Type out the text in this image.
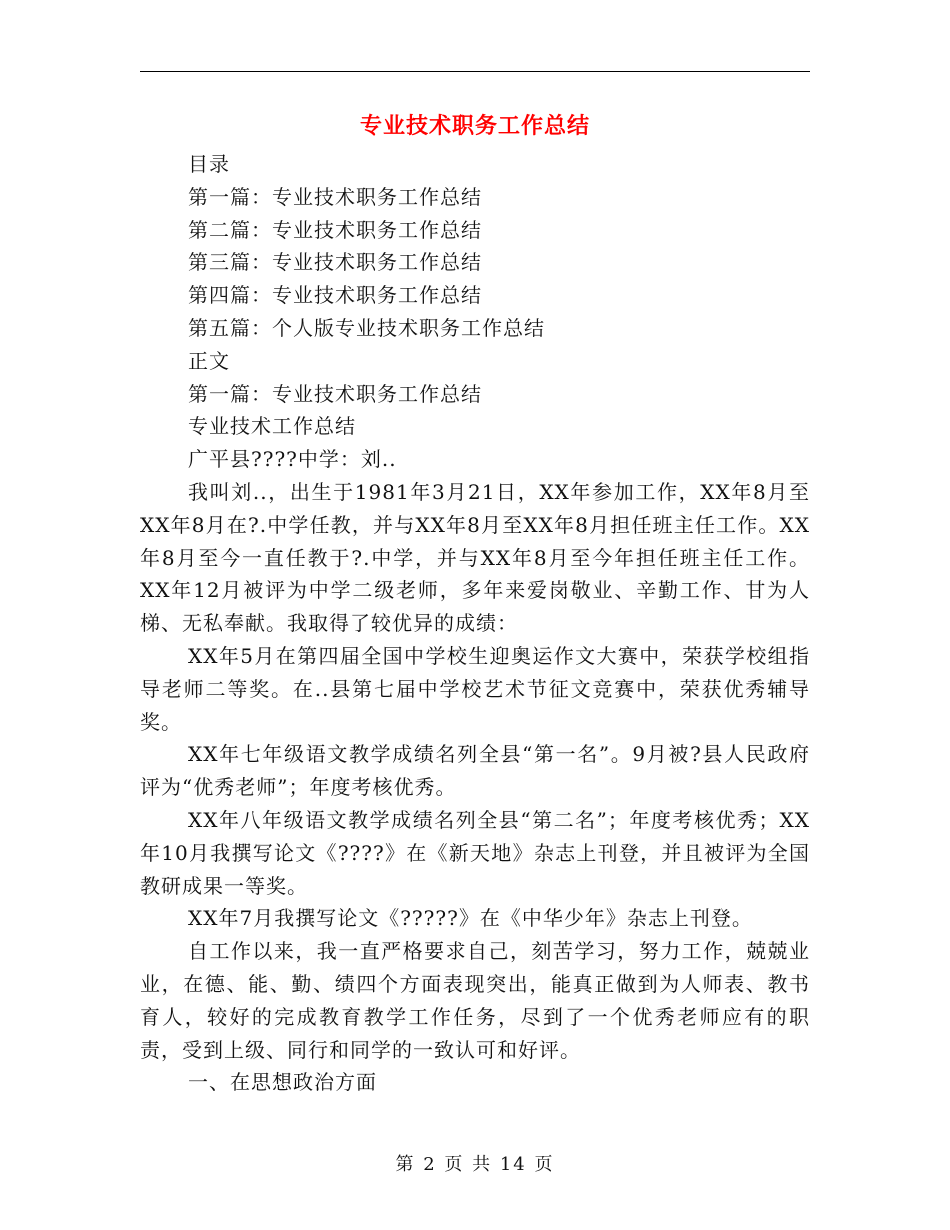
专业技术职务工作总结

目录

第一篇：专业技术职务工作总结

第二篇：专业技术职务工作总结

第三篇：专业技术职务工作总结

第四篇：专业技术职务工作总结

第五篇：个人版专业技术职务工作总结

正文

第一篇：专业技术职务工作总结

专业技术工作总结

广平县????中学：刘..

我叫刘..，出生于1981年3月21日，XX年参加工作，XX年8月至XX年8月在?.中学任教，并与XX年8月至XX年8月担任班主任工作。XX年8月至今一直任教于?.中学，并与XX年8月至今年担任班主任工作。XX年12月被评为中学二级老师，多年来爱岗敬业、辛勤工作、甘为人梯、无私奉献。我取得了较优异的成绩：

XX年5月在第四届全国中学校生迎奥运作文大赛中，荣获学校组指导老师二等奖。在..县第七届中学校艺术节征文竞赛中，荣获优秀辅导奖。

XX年七年级语文教学成绩名列全县“第一名”。9月被?县人民政府评为“优秀老师”；年度考核优秀。

XX年八年级语文教学成绩名列全县“第二名”；年度考核优秀；XX年10月我撰写论文《????》在《新天地》杂志上刊登，并且被评为全国教研成果一等奖。

XX年7月我撰写论文《?????》在《中华少年》杂志上刊登。

自工作以来，我一直严格要求自己，刻苦学习，努力工作，兢兢业业，在德、能、勤、绩四个方面表现突出，能真正做到为人师表、教书育人，较好的完成教育教学工作任务，尽到了一个优秀老师应有的职责，受到上级、同行和同学的一致认可和好评。

一、在思想政治方面

第 2 页 共 14 页
